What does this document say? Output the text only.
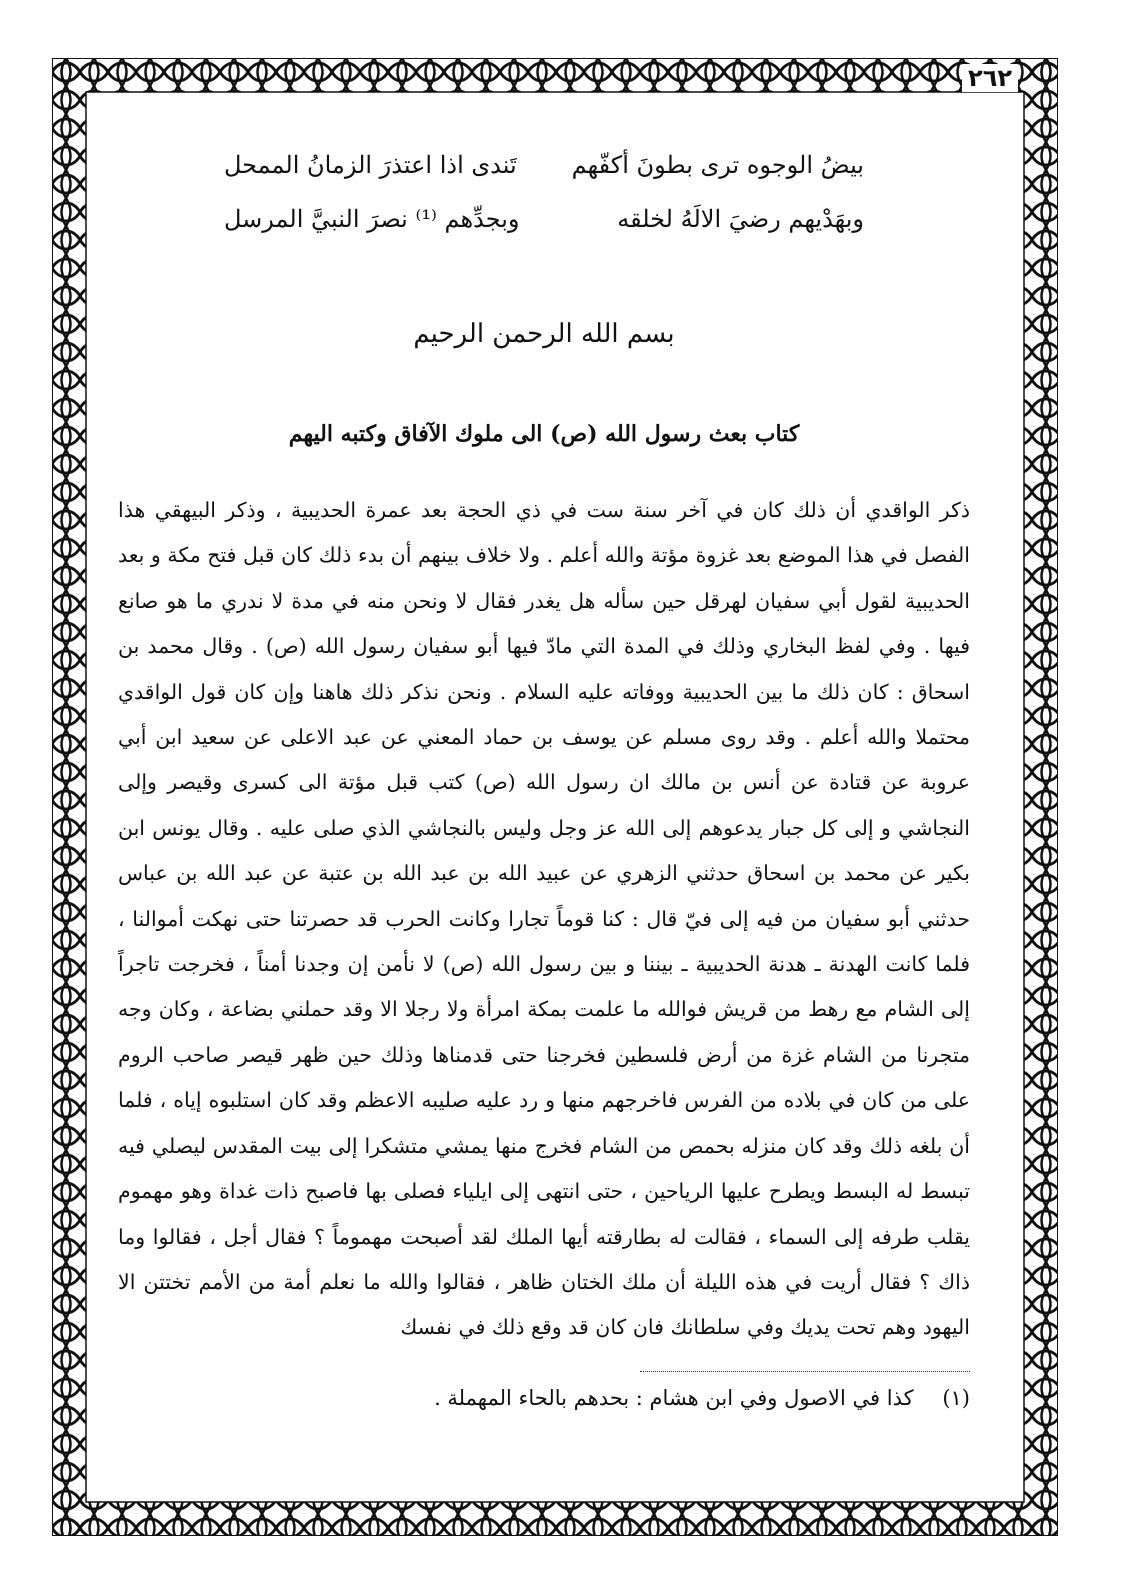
٢٦٢
بيضُ الوجوه ترى بطونَ أكفّهم
تَندى اذا اعتذرَ الزمانُ الممحل
وبهَدْيهم رضيَ الالَهُ لخلقه
وبجدِّهم ⁽¹⁾ نصرَ النبيَّ المرسل
بسم الله الرحمن الرحيم
كتاب بعث رسول الله (ص) الى ملوك الآفاق وكتبه اليهم

ذكر الواقدي أن ذلك كان في آخر سنة ست في ذي الحجة بعد عمرة الحديبية ، وذكر البيهقي هذا الفصل في هذا الموضع بعد غزوة مؤتة والله أعلم . ولا خلاف بينهم أن بدء ذلك كان قبل فتح مكة و بعد الحديبية لقول أبي سفيان لهرقل حين سأله هل يغدر فقال لا ونحن منه في مدة لا ندري ما هو صانع فيها . وفي لفظ البخاري وذلك في المدة التي مادّ فيها أبو سفيان رسول الله (ص) . وقال محمد بن اسحاق : كان ذلك ما بين الحديبية ووفاته عليه السلام . ونحن نذكر ذلك هاهنا وإن كان قول الواقدي محتملا والله أعلم . وقد روى مسلم عن يوسف بن حماد المعني عن عبد الاعلى عن سعيد ابن أبي عروبة عن قتادة عن أنس بن مالك ان رسول الله (ص) كتب قبل مؤتة الى كسرى وقيصر وإلى النجاشي و إلى كل جبار يدعوهم إلى الله عز وجل وليس بالنجاشي الذي صلى عليه . وقال يونس ابن بكير عن محمد بن اسحاق حدثني الزهري عن عبيد الله بن عبد الله بن عتبة عن عبد الله بن عباس حدثني أبو سفيان من فيه إلى فيّ قال : كنا قوماً تجارا وكانت الحرب قد حصرتنا حتى نهكت أموالنا ، فلما كانت الهدنة ـ هدنة الحديبية ـ بيننا و بين رسول الله (ص) لا نأمن إن وجدنا أمناً ، فخرجت تاجراً إلى الشام مع رهط من قريش فوالله ما علمت بمكة امرأة ولا رجلا الا وقد حملني بضاعة ، وكان وجه متجرنا من الشام غزة من أرض فلسطين فخرجنا حتى قدمناها وذلك حين ظهر قيصر صاحب الروم على من كان في بلاده من الفرس فاخرجهم منها و رد عليه صليبه الاعظم وقد كان استلبوه إياه ، فلما أن بلغه ذلك وقد كان منزله بحمص من الشام فخرج منها يمشي متشكرا إلى بيت المقدس ليصلي فيه تبسط له البسط ويطرح عليها الرياحين ، حتى انتهى إلى ايلياء فصلى بها فاصبح ذات غداة وهو مهموم يقلب طرفه إلى السماء ، فقالت له بطارقته أيها الملك لقد أصبحت مهموماً ؟ فقال أجل ، فقالوا وما ذاك ؟ فقال أريت في هذه الليلة أن ملك الختان ظاهر ، فقالوا والله ما نعلم أمة من الأمم تختتن الا اليهود وهم تحت يديك وفي سلطانك فان كان قد وقع ذلك في نفسك

(١) كذا في الاصول وفي ابن هشام : بحدهم بالحاء المهملة .
